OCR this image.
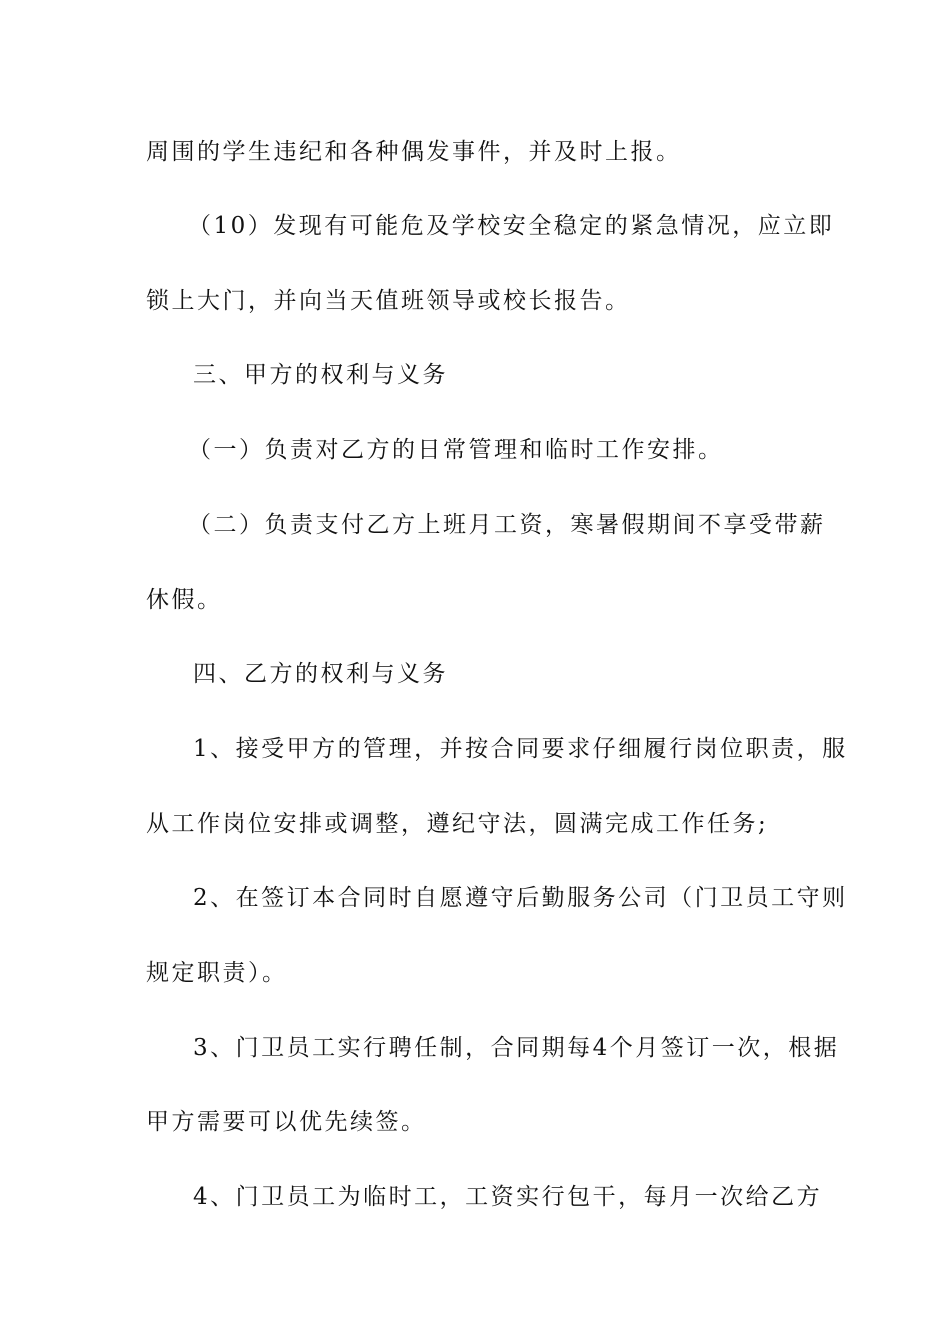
周围的学生违纪和各种偶发事件，并及时上报。
（10）发现有可能危及学校安全稳定的紧急情况，应立即
锁上大门，并向当天值班领导或校长报告。
三、甲方的权利与义务
（一）负责对乙方的日常管理和临时工作安排。
（二）负责支付乙方上班月工资，寒暑假期间不享受带薪
休假。
四、乙方的权利与义务
1、接受甲方的管理，并按合同要求仔细履行岗位职责，服
从工作岗位安排或调整，遵纪守法，圆满完成工作任务;
2、在签订本合同时自愿遵守后勤服务公司（门卫员工守则
规定职责）。
3、门卫员工实行聘任制，合同期每4个月签订一次，根据
甲方需要可以优先续签。
4、门卫员工为临时工，工资实行包干，每月一次给乙方
